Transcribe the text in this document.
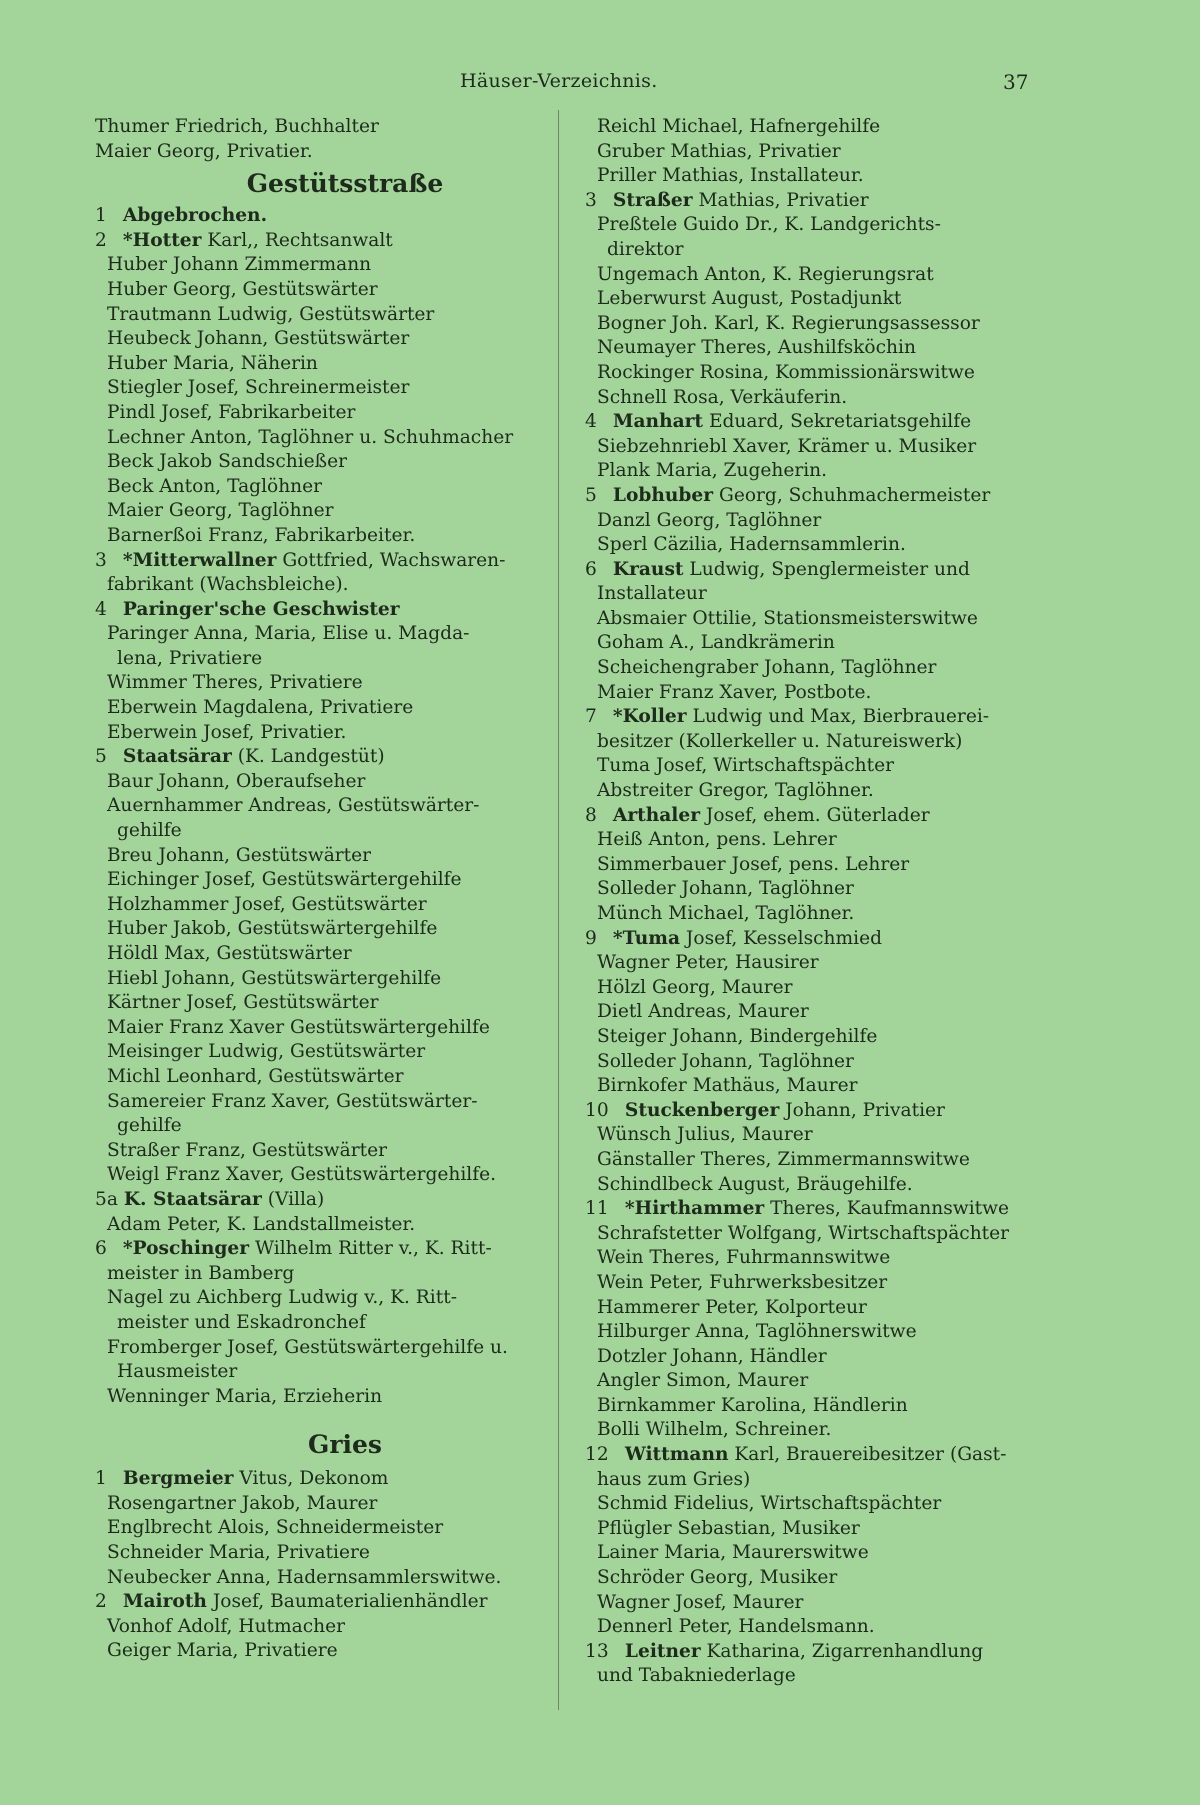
Häuser-Verzeichnis.	37
Thumer Friedrich, Buchhalter
Maier Georg, Privatier.
Gestütsstraße
1 Abgebrochen.
2 *Hotter Karl,, Rechtsanwalt
Huber Johann Zimmermann
Huber Georg, Gestütswärter
Trautmann Ludwig, Gestütswärter
Heubeck Johann, Gestütswärter
Huber Maria, Näherin
Stiegler Josef, Schreinermeister
Pindl Josef, Fabrikarbeiter
Lechner Anton, Taglöhner u. Schuhmacher
Beck Jakob Sandschießer
Beck Anton, Taglöhner
Maier Georg, Taglöhner
Barnerßoi Franz, Fabrikarbeiter.
3 *Mitterwallner Gottfried, Wachswaren-
fabrikant (Wachsbleiche).
4 Paringer'sche Geschwister
Paringer Anna, Maria, Elise u. Magda-
lena, Privatiere
Wimmer Theres, Privatiere
Eberwein Magdalena, Privatiere
Eberwein Josef, Privatier.
5 Staatsärar (K. Landgestüt)
Baur Johann, Oberaufseher
Auernhammer Andreas, Gestütswärter-
gehilfe
Breu Johann, Gestütswärter
Eichinger Josef, Gestütswärtergehilfe
Holzhammer Josef, Gestütswärter
Huber Jakob, Gestütswärtergehilfe
Höldl Max, Gestütswärter
Hiebl Johann, Gestütswärtergehilfe
Kärtner Josef, Gestütswärter
Maier Franz Xaver Gestütswärtergehilfe
Meisinger Ludwig, Gestütswärter
Michl Leonhard, Gestütswärter
Samereier Franz Xaver, Gestütswärter-
gehilfe
Straßer Franz, Gestütswärter
Weigl Franz Xaver, Gestütswärtergehilfe.
5a K. Staatsärar (Villa)
Adam Peter, K. Landstallmeister.
6 *Poschinger Wilhelm Ritter v., K. Ritt-
meister in Bamberg
Nagel zu Aichberg Ludwig v., K. Ritt-
meister und Eskadronchef
Fromberger Josef, Gestütswärtergehilfe u.
Hausmeister
Wenninger Maria, Erzieherin
Gries
1 Bergmeier Vitus, Dekonom
Rosengartner Jakob, Maurer
Englbrecht Alois, Schneidermeister
Schneider Maria, Privatiere
Neubecker Anna, Hadernsammlerswitwe.
2 Mairoth Josef, Baumaterialienhändler
Vonhof Adolf, Hutmacher
Geiger Maria, Privatiere
Reichl Michael, Hafnergehilfe
Gruber Mathias, Privatier
Priller Mathias, Installateur.
3 Straßer Mathias, Privatier
Preßtele Guido Dr., K. Landgerichts-
direktor
Ungemach Anton, K. Regierungsrat
Leberwurst August, Postadjunkt
Bogner Joh. Karl, K. Regierungsassessor
Neumayer Theres, Aushilfsköchin
Rockinger Rosina, Kommissionärswitwe
Schnell Rosa, Verkäuferin.
4 Manhart Eduard, Sekretariatsgehilfe
Siebzehnriebl Xaver, Krämer u. Musiker
Plank Maria, Zugeherin.
5 Lobhuber Georg, Schuhmachermeister
Danzl Georg, Taglöhner
Sperl Cäzilia, Hadernsammlerin.
6 Kraust Ludwig, Spenglermeister und
Installateur
Absmaier Ottilie, Stationsmeisterswitwe
Goham A., Landkrämerin
Scheichengraber Johann, Taglöhner
Maier Franz Xaver, Postbote.
7 *Koller Ludwig und Max, Bierbrauerei-
besitzer (Kollerkeller u. Natureiswerk)
Tuma Josef, Wirtschaftspächter
Abstreiter Gregor, Taglöhner.
8 Arthaler Josef, ehem. Güterlader
Heiß Anton, pens. Lehrer
Simmerbauer Josef, pens. Lehrer
Solleder Johann, Taglöhner
Münch Michael, Taglöhner.
9 *Tuma Josef, Kesselschmied
Wagner Peter, Hausirer
Hölzl Georg, Maurer
Dietl Andreas, Maurer
Steiger Johann, Bindergehilfe
Solleder Johann, Taglöhner
Birnkofer Mathäus, Maurer
10 Stuckenberger Johann, Privatier
Wünsch Julius, Maurer
Gänstaller Theres, Zimmermannswitwe
Schindlbeck August, Bräugehilfe.
11 *Hirthammer Theres, Kaufmannswitwe
Schrafstetter Wolfgang, Wirtschaftspächter
Wein Theres, Fuhrmannswitwe
Wein Peter, Fuhrwerksbesitzer
Hammerer Peter, Kolporteur
Hilburger Anna, Taglöhnerswitwe
Dotzler Johann, Händler
Angler Simon, Maurer
Birnkammer Karolina, Händlerin
Bolli Wilhelm, Schreiner.
12 Wittmann Karl, Brauereibesitzer (Gast-
haus zum Gries)
Schmid Fidelius, Wirtschaftspächter
Pflügler Sebastian, Musiker
Lainer Maria, Maurerswitwe
Schröder Georg, Musiker
Wagner Josef, Maurer
Dennerl Peter, Handelsmann.
13 Leitner Katharina, Zigarrenhandlung
und Tabakniederlage
